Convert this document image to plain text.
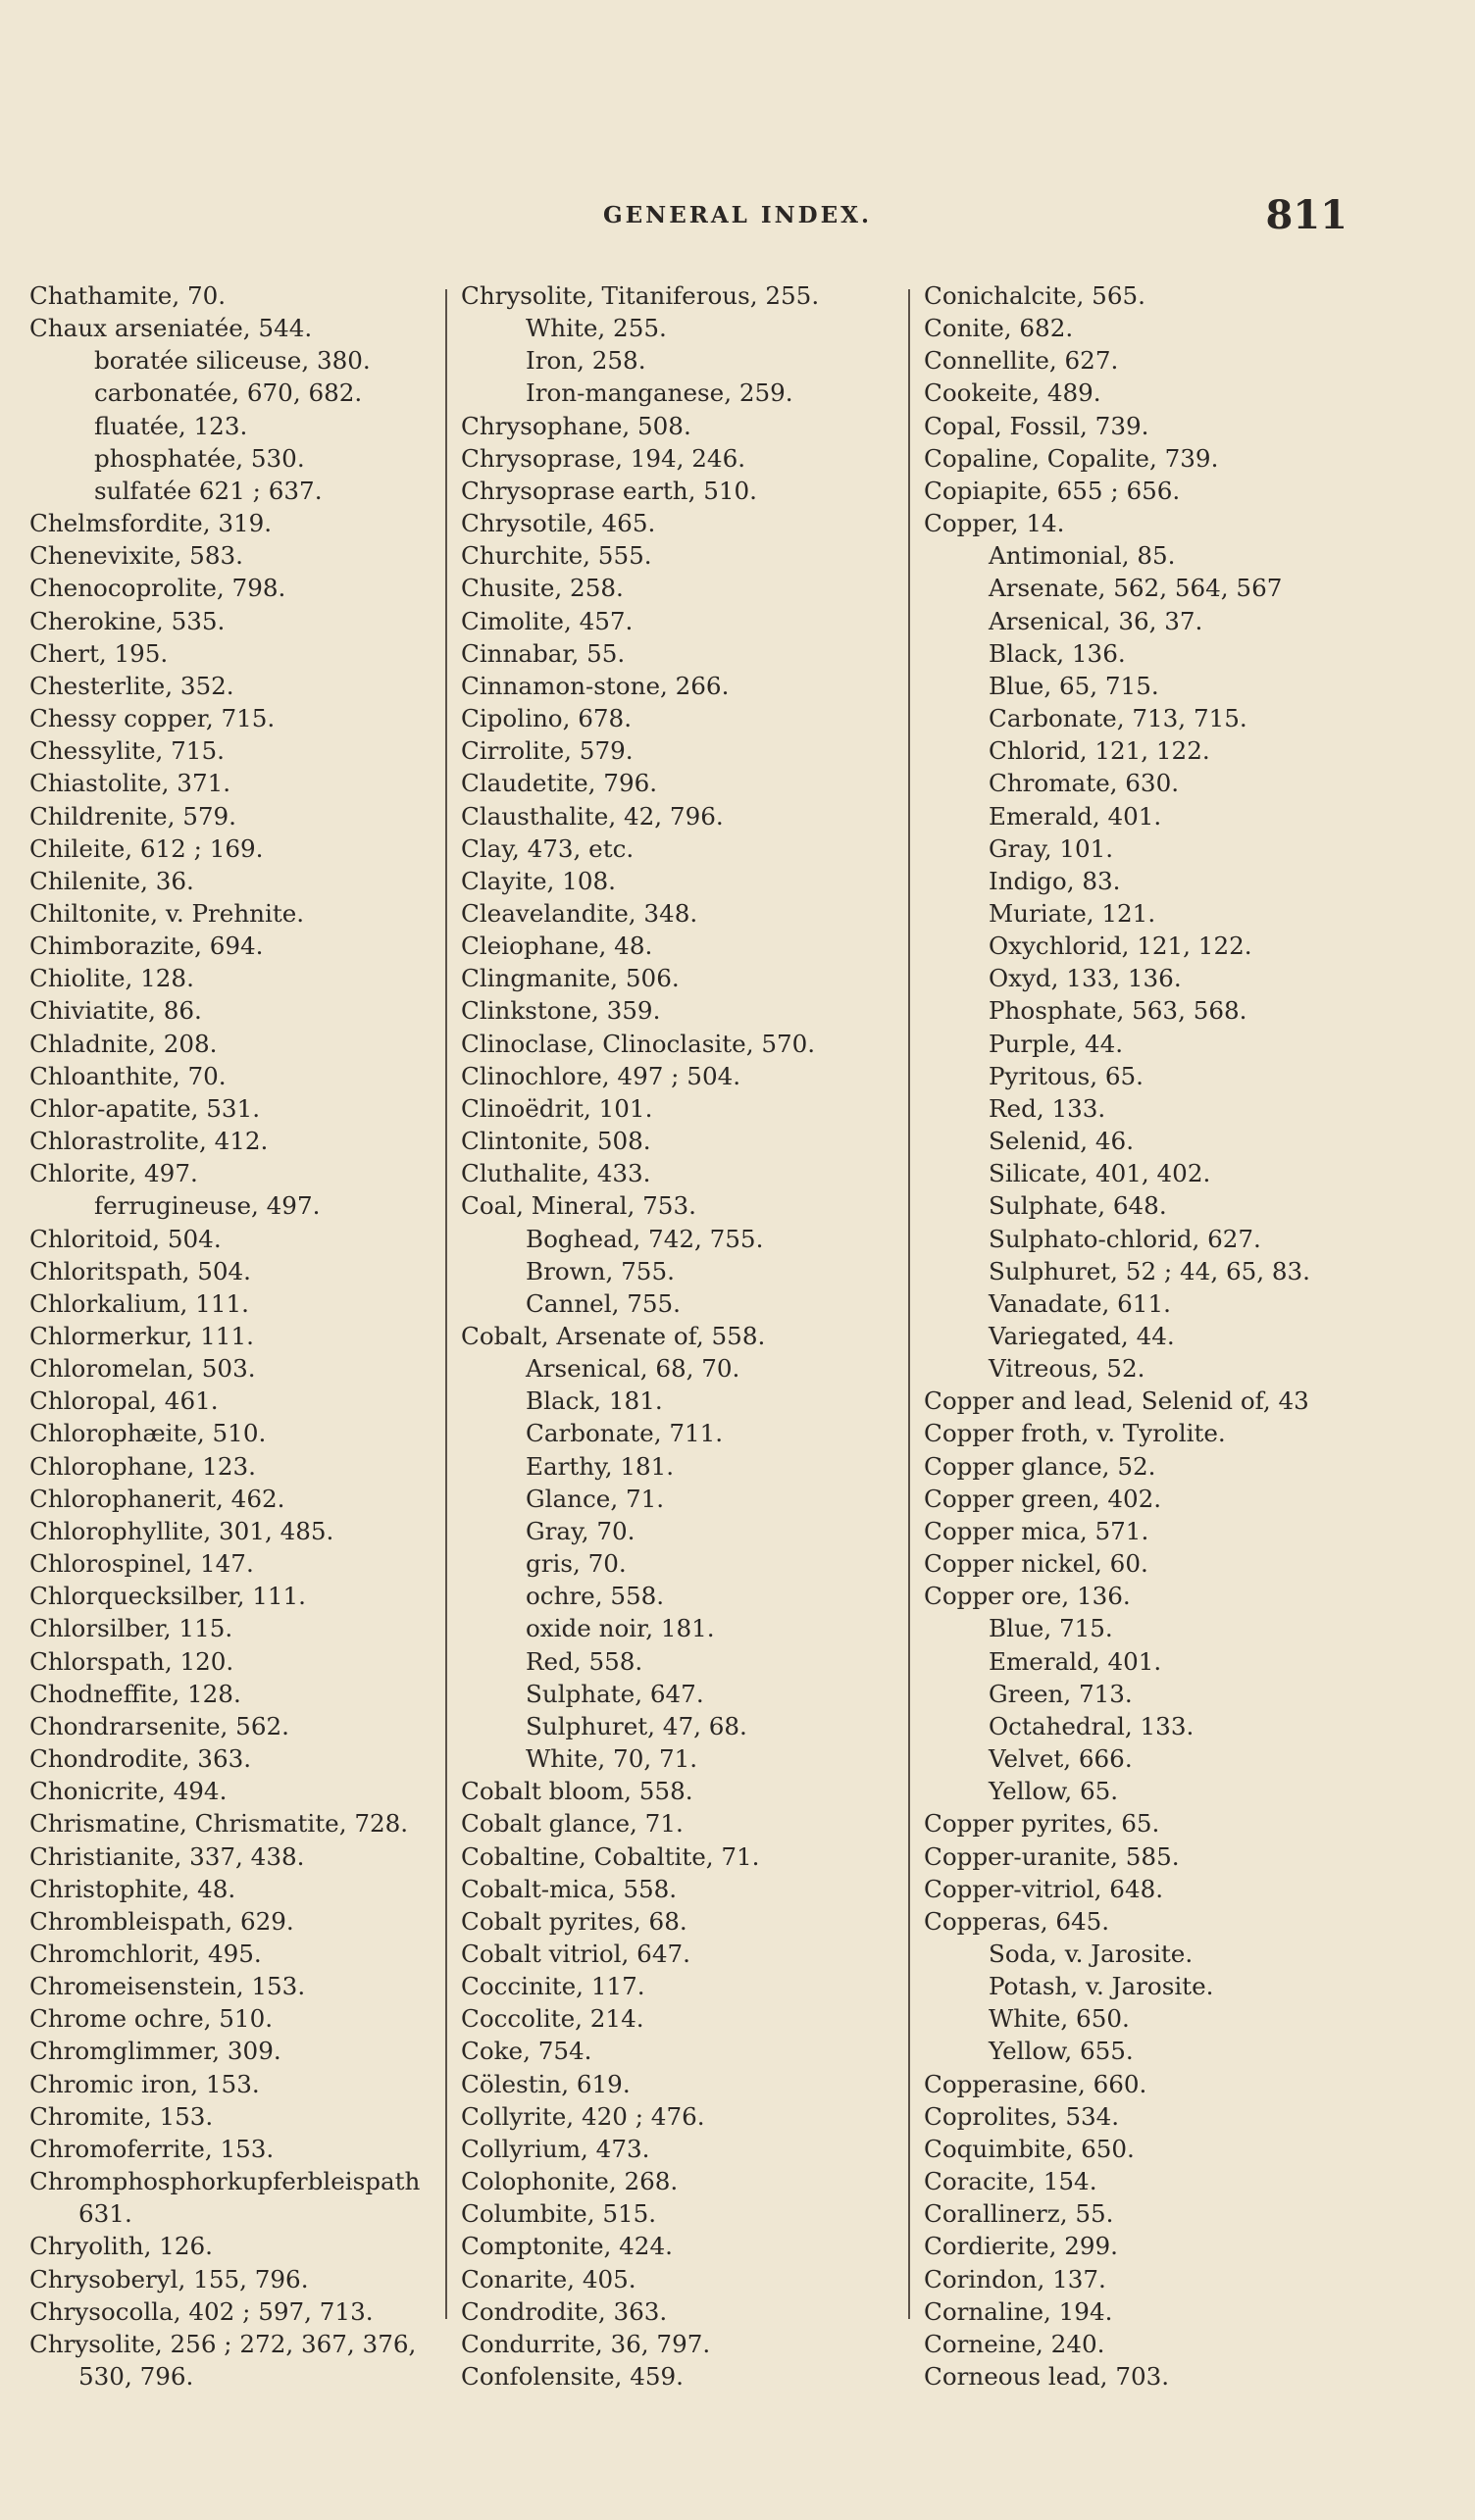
GENERAL INDEX.	811
Chathamite, 70.
Chaux arseniatée, 544.
boratée siliceuse, 380.
carbonatée, 670, 682.
fluatée, 123.
phosphatée, 530.
sulfatée 621 ; 637.
Chelmsfordite, 319.
Chenevixite, 583.
Chenocoprolite, 798.
Cherokine, 535.
Chert, 195.
Chesterlite, 352.
Chessy copper, 715.
Chessylite, 715.
Chiastolite, 371.
Childrenite, 579.
Chileite, 612 ; 169.
Chilenite, 36.
Chiltonite, v. Prehnite.
Chimborazite, 694.
Chiolite, 128.
Chiviatite, 86.
Chladnite, 208.
Chloanthite, 70.
Chlor-apatite, 531.
Chlorastrolite, 412.
Chlorite, 497.
ferrugineuse, 497.
Chloritoid, 504.
Chloritspath, 504.
Chlorkalium, 111.
Chlormerkur, 111.
Chloromelan, 503.
Chloropal, 461.
Chlorophæite, 510.
Chlorophane, 123.
Chlorophanerit, 462.
Chlorophyllite, 301, 485.
Chlorospinel, 147.
Chlorquecksilber, 111.
Chlorsilber, 115.
Chlorspath, 120.
Chodneffite, 128.
Chondrarsenite, 562.
Chondrodite, 363.
Chonicrite, 494.
Chrismatine, Chrismatite, 728.
Christianite, 337, 438.
Christophite, 48.
Chrombleispath, 629.
Chromchlorit, 495.
Chromeisenstein, 153.
Chrome ochre, 510.
Chromglimmer, 309.
Chromic iron, 153.
Chromite, 153.
Chromoferrite, 153.
Chromphosphorkupferbleispath
631.
Chryolith, 126.
Chrysoberyl, 155, 796.
Chrysocolla, 402 ; 597, 713.
Chrysolite, 256 ; 272, 367, 376,
530, 796.
Chrysolite, Titaniferous, 255.
White, 255.
Iron, 258.
Iron-manganese, 259.
Chrysophane, 508.
Chrysoprase, 194, 246.
Chrysoprase earth, 510.
Chrysotile, 465.
Churchite, 555.
Chusite, 258.
Cimolite, 457.
Cinnabar, 55.
Cinnamon-stone, 266.
Cipolino, 678.
Cirrolite, 579.
Claudetite, 796.
Clausthalite, 42, 796.
Clay, 473, etc.
Clayite, 108.
Cleavelandite, 348.
Cleiophane, 48.
Clingmanite, 506.
Clinkstone, 359.
Clinoclase, Clinoclasite, 570.
Clinochlore, 497 ; 504.
Clinoëdrit, 101.
Clintonite, 508.
Cluthalite, 433.
Coal, Mineral, 753.
Boghead, 742, 755.
Brown, 755.
Cannel, 755.
Cobalt, Arsenate of, 558.
Arsenical, 68, 70.
Black, 181.
Carbonate, 711.
Earthy, 181.
Glance, 71.
Gray, 70.
gris, 70.
ochre, 558.
oxide noir, 181.
Red, 558.
Sulphate, 647.
Sulphuret, 47, 68.
White, 70, 71.
Cobalt bloom, 558.
Cobalt glance, 71.
Cobaltine, Cobaltite, 71.
Cobalt-mica, 558.
Cobalt pyrites, 68.
Cobalt vitriol, 647.
Coccinite, 117.
Coccolite, 214.
Coke, 754.
Cölestin, 619.
Collyrite, 420 ; 476.
Collyrium, 473.
Colophonite, 268.
Columbite, 515.
Comptonite, 424.
Conarite, 405.
Condrodite, 363.
Condurrite, 36, 797.
Confolensite, 459.
Conichalcite, 565.
Conite, 682.
Connellite, 627.
Cookeite, 489.
Copal, Fossil, 739.
Copaline, Copalite, 739.
Copiapite, 655 ; 656.
Copper, 14.
Antimonial, 85.
Arsenate, 562, 564, 567
Arsenical, 36, 37.
Black, 136.
Blue, 65, 715.
Carbonate, 713, 715.
Chlorid, 121, 122.
Chromate, 630.
Emerald, 401.
Gray, 101.
Indigo, 83.
Muriate, 121.
Oxychlorid, 121, 122.
Oxyd, 133, 136.
Phosphate, 563, 568.
Purple, 44.
Pyritous, 65.
Red, 133.
Selenid, 46.
Silicate, 401, 402.
Sulphate, 648.
Sulphato-chlorid, 627.
Sulphuret, 52 ; 44, 65, 83.
Vanadate, 611.
Variegated, 44.
Vitreous, 52.
Copper and lead, Selenid of, 43
Copper froth, v. Tyrolite.
Copper glance, 52.
Copper green, 402.
Copper mica, 571.
Copper nickel, 60.
Copper ore, 136.
Blue, 715.
Emerald, 401.
Green, 713.
Octahedral, 133.
Velvet, 666.
Yellow, 65.
Copper pyrites, 65.
Copper-uranite, 585.
Copper-vitriol, 648.
Copperas, 645.
Soda, v. Jarosite.
Potash, v. Jarosite.
White, 650.
Yellow, 655.
Copperasine, 660.
Coprolites, 534.
Coquimbite, 650.
Coracite, 154.
Corallinerz, 55.
Cordierite, 299.
Corindon, 137.
Cornaline, 194.
Corneine, 240.
Corneous lead, 703.
